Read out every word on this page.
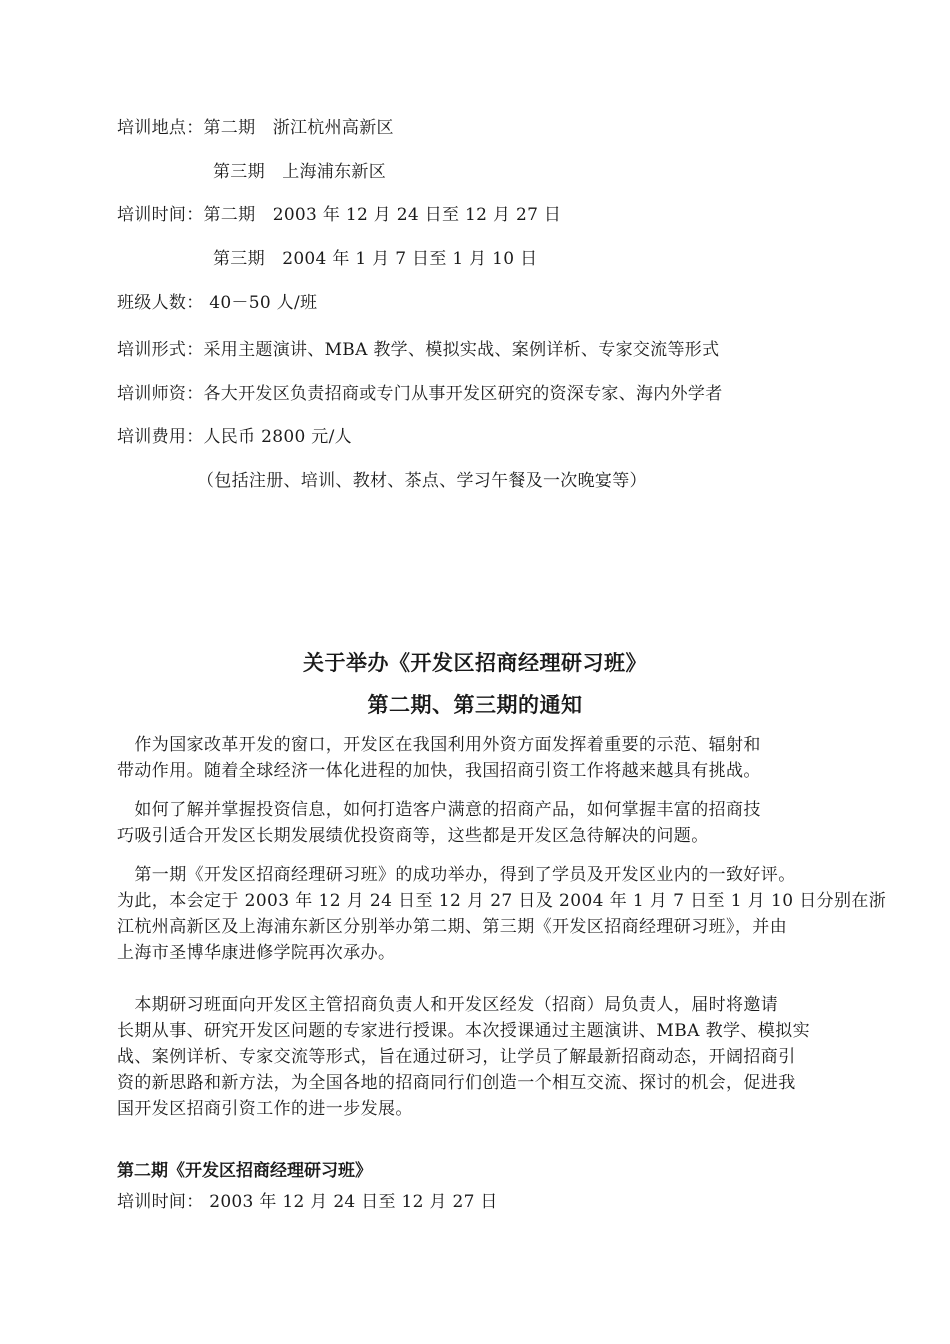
培训地点：第二期　浙江杭州高新区
第三期　上海浦东新区
培训时间：第二期　2003 年 12 月 24 日至 12 月 27 日
第三期　2004 年 1 月 7 日至 1 月 10 日
班级人数： 40－50 人/班
培训形式：采用主题演讲、MBA 教学、模拟实战、案例详析、专家交流等形式
培训师资：各大开发区负责招商或专门从事开发区研究的资深专家、海内外学者
培训费用：人民币 2800 元/人
（包括注册、培训、教材、茶点、学习午餐及一次晚宴等）
关于举办《开发区招商经理研习班》
第二期、第三期的通知
　作为国家改革开发的窗口，开发区在我国利用外资方面发挥着重要的示范、辐射和
带动作用。随着全球经济一体化进程的加快，我国招商引资工作将越来越具有挑战。
　如何了解并掌握投资信息，如何打造客户满意的招商产品，如何掌握丰富的招商技
巧吸引适合开发区长期发展绩优投资商等，这些都是开发区急待解决的问题。
　第一期《开发区招商经理研习班》的成功举办，得到了学员及开发区业内的一致好评。
为此，本会定于 2003 年 12 月 24 日至 12 月 27 日及 2004 年 1 月 7 日至 1 月 10 日分别在浙
江杭州高新区及上海浦东新区分别举办第二期、第三期《开发区招商经理研习班》，并由
上海市圣博华康进修学院再次承办。
　本期研习班面向开发区主管招商负责人和开发区经发（招商）局负责人，届时将邀请
长期从事、研究开发区问题的专家进行授课。本次授课通过主题演讲、MBA 教学、模拟实
战、案例详析、专家交流等形式，旨在通过研习，让学员了解最新招商动态，开阔招商引
资的新思路和新方法，为全国各地的招商同行们创造一个相互交流、探讨的机会，促进我
国开发区招商引资工作的进一步发展。
第二期《开发区招商经理研习班》
培训时间： 2003 年 12 月 24 日至 12 月 27 日
